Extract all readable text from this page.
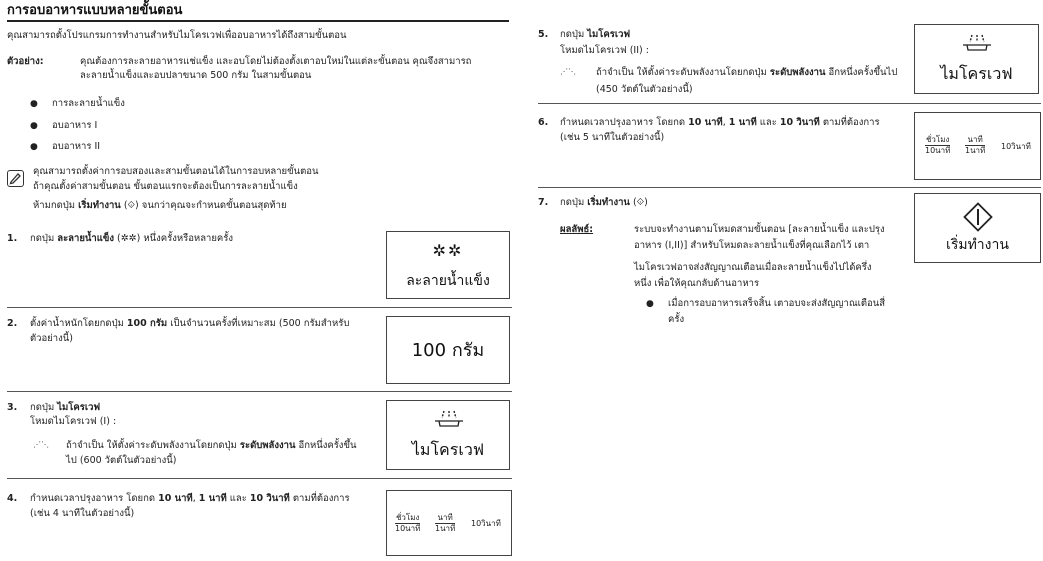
การอบอาหารแบบหลายขั้นตอน
คุณสามารถตั้งโปรแกรมการทำงานสำหรับไมโครเวฟเพื่ออบอาหารได้ถึงสามขั้นตอน
ตัวอย่าง:	คุณต้องการละลายอาหารแช่แข็ง และอบโดยไม่ต้องตั้งเตาอบใหม่ในแต่ละขั้นตอน คุณจึงสามารถ
ละลายน้ำแข็งและอบปลาขนาด 500 กรัม ในสามขั้นตอน
● การละลายน้ำแข็ง
● อบอาหาร I
● อบอาหาร II
คุณสามารถตั้งค่าการอบสองและสามขั้นตอนได้ในการอบหลายขั้นตอน
ถ้าคุณตั้งค่าสามขั้นตอน ขั้นตอนแรกจะต้องเป็นการละลายน้ำแข็ง
ห้ามกดปุ่ม เริ่มทำงาน (⟐) จนกว่าคุณจะกำหนดขั้นตอนสุดท้าย
1. กดปุ่ม ละลายน้ำแข็ง (✲✲) หนึ่งครั้งหรือหลายครั้ง
✲✲
ละลายน้ำแข็ง
2. ตั้งค่าน้ำหนักโดยกดปุ่ม 100 กรัม เป็นจำนวนครั้งที่เหมาะสม (500 กรัมสำหรับ
ตัวอย่างนี้)
100 กรัม
3. กดปุ่ม ไมโครเวฟ
โหมดไมโครเวฟ (I) :
⋰⋱ ถ้าจำเป็น ให้ตั้งค่าระดับพลังงานโดยกดปุ่ม ระดับพลังงาน อีกหนึ่งครั้งขึ้น
ไป (600 วัตต์ในตัวอย่างนี้)
ไมโครเวฟ
4. กำหนดเวลาปรุงอาหาร โดยกด 10 นาที, 1 นาที และ 10 วินาที ตามที่ต้องการ
(เช่น 4 นาทีในตัวอย่างนี้)	ชั่วโมง
10นาที
นาที
1นาที
10วินาที
5. กดปุ่ม ไมโครเวฟ
โหมดไมโครเวฟ (II) :
⋰⋱ ถ้าจำเป็น ให้ตั้งค่าระดับพลังงานโดยกดปุ่ม ระดับพลังงาน อีกหนึ่งครั้งขึ้นไป
(450 วัตต์ในตัวอย่างนี้)
ไมโครเวฟ
6. กำหนดเวลาปรุงอาหาร โดยกด 10 นาที, 1 นาที และ 10 วินาที ตามที่ต้องการ
(เช่น 5 นาทีในตัวอย่างนี้)	ชั่วโมง
10นาที
นาที
1นาที 10วินาที
7. กดปุ่ม เริ่มทำงาน (⟐)
ผลลัพธ์:	ระบบจะทำงานตามโหมดสามขั้นตอน [ละลายน้ำแข็ง และปรุง
อาหาร (I,II)] สำหรับโหมดละลายน้ำแข็งที่คุณเลือกไว้ เตา
ไมโครเวฟอาจส่งสัญญาณเตือนเมื่อละลายน้ำแข็งไปได้ครึ่ง
หนึ่ง เพื่อให้คุณกลับด้านอาหาร
● เมื่อการอบอาหารเสร็จสิ้น เตาอบจะส่งสัญญาณเตือนสี่
ครั้ง
เริ่มทำงาน
